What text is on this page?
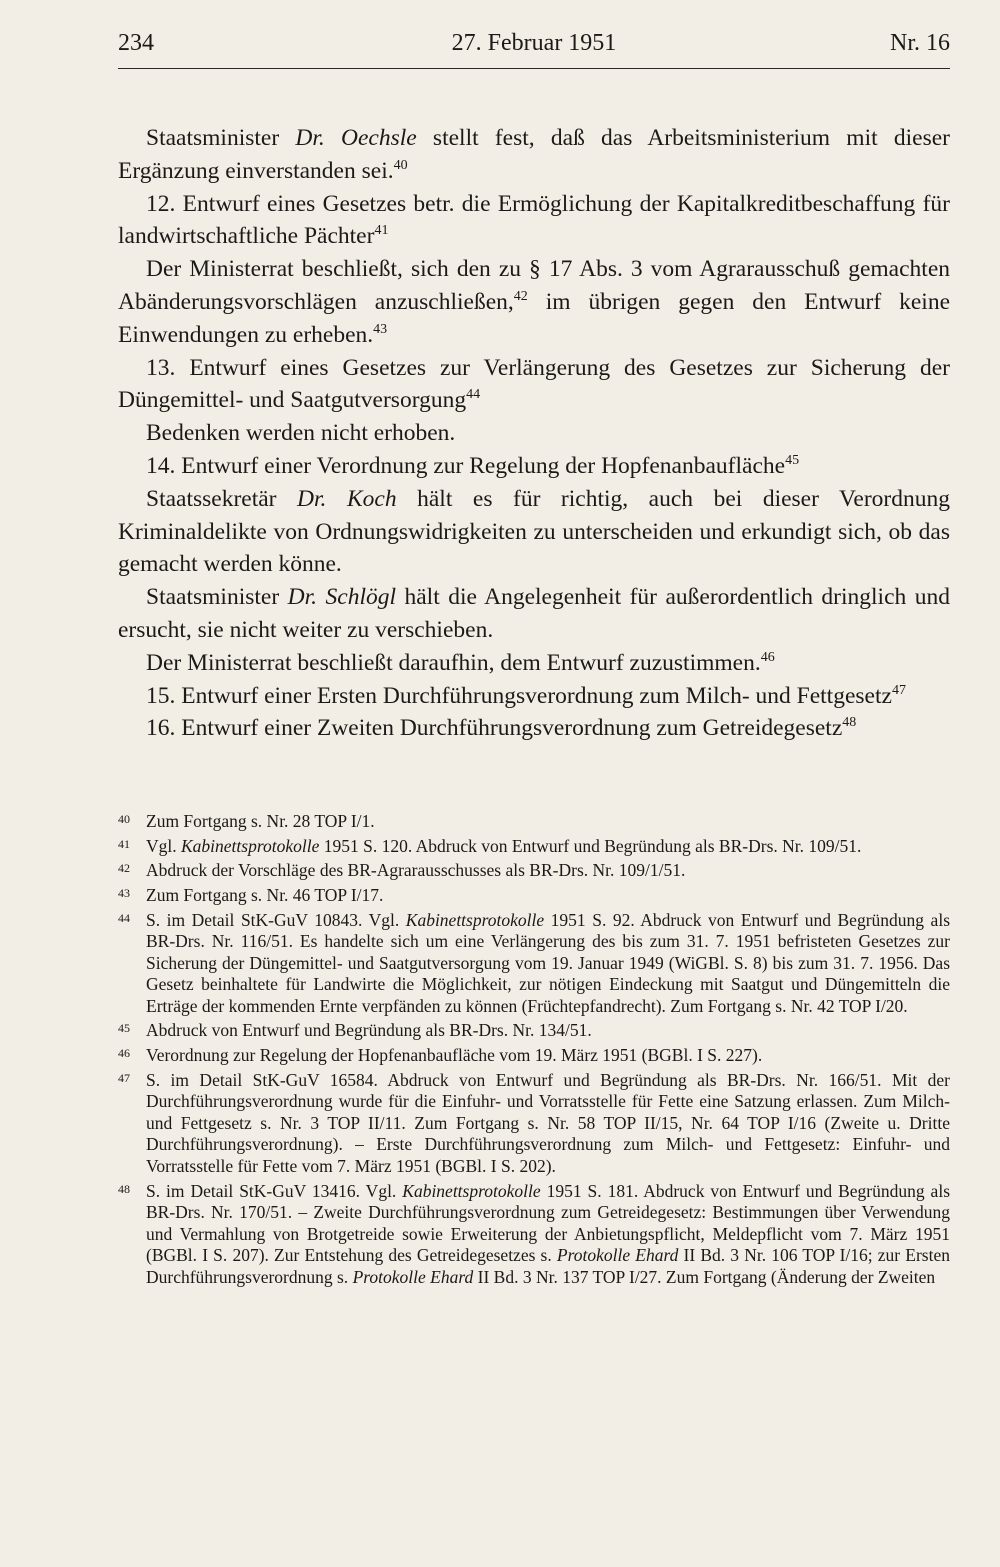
234	27. Februar 1951	Nr. 16

Staatsminister Dr. Oechsle stellt fest, daß das Arbeitsministerium mit dieser Ergänzung einverstanden sei.$^{40}$

12. Entwurf eines Gesetzes betr. die Ermöglichung der Kapitalkreditbeschaffung für landwirtschaftliche Pächter$^{41}$

Der Ministerrat beschließt, sich den zu § 17 Abs. 3 vom Agrarausschuß gemachten Abänderungsvorschlägen anzuschließen,$^{42}$ im übrigen gegen den Entwurf keine Einwendungen zu erheben.$^{43}$

13. Entwurf eines Gesetzes zur Verlängerung des Gesetzes zur Sicherung der Düngemittel- und Saatgutversorgung$^{44}$

Bedenken werden nicht erhoben.

14. Entwurf einer Verordnung zur Regelung der Hopfenanbaufläche$^{45}$

Staatssekretär Dr. Koch hält es für richtig, auch bei dieser Verordnung Kriminaldelikte von Ordnungswidrigkeiten zu unterscheiden und erkundigt sich, ob das gemacht werden könne.

Staatsminister Dr. Schlögl hält die Angelegenheit für außerordentlich dringlich und ersucht, sie nicht weiter zu verschieben.

Der Ministerrat beschließt daraufhin, dem Entwurf zuzustimmen.$^{46}$

15. Entwurf einer Ersten Durchführungsverordnung zum Milch- und Fettgesetz$^{47}$

16. Entwurf einer Zweiten Durchführungsverordnung zum Getreidegesetz$^{48}$

40 Zum Fortgang s. Nr. 28 TOP I/1.
41 Vgl. Kabinettsprotokolle 1951 S. 120. Abdruck von Entwurf und Begründung als BR-Drs. Nr. 109/51.
42 Abdruck der Vorschläge des BR-Agrarausschusses als BR-Drs. Nr. 109/1/51.
43 Zum Fortgang s. Nr. 46 TOP I/17.
44 S. im Detail StK-GuV 10843. Vgl. Kabinettsprotokolle 1951 S. 92. Abdruck von Entwurf und Begründung als BR-Drs. Nr. 116/51. Es handelte sich um eine Verlängerung des bis zum 31. 7. 1951 befristeten Gesetzes zur Sicherung der Düngemittel- und Saatgutversorgung vom 19. Januar 1949 (WiGBl. S. 8) bis zum 31. 7. 1956. Das Gesetz beinhaltete für Landwirte die Möglichkeit, zur nötigen Eindeckung mit Saatgut und Düngemitteln die Erträge der kommenden Ernte verpfänden zu können (Früchtepfandrecht). Zum Fortgang s. Nr. 42 TOP I/20.
45 Abdruck von Entwurf und Begründung als BR-Drs. Nr. 134/51.
46 Verordnung zur Regelung der Hopfenanbaufläche vom 19. März 1951 (BGBl. I S. 227).
47 S. im Detail StK-GuV 16584. Abdruck von Entwurf und Begründung als BR-Drs. Nr. 166/51. Mit der Durchführungsverordnung wurde für die Einfuhr- und Vorratsstelle für Fette eine Satzung erlassen. Zum Milch- und Fettgesetz s. Nr. 3 TOP II/11. Zum Fortgang s. Nr. 58 TOP II/15, Nr. 64 TOP I/16 (Zweite u. Dritte Durchführungsverordnung). – Erste Durchführungsverordnung zum Milch- und Fettgesetz: Einfuhr- und Vorratsstelle für Fette vom 7. März 1951 (BGBl. I S. 202).
48 S. im Detail StK-GuV 13416. Vgl. Kabinettsprotokolle 1951 S. 181. Abdruck von Entwurf und Begründung als BR-Drs. Nr. 170/51. – Zweite Durchführungsverordnung zum Getreidegesetz: Bestimmungen über Verwendung und Vermahlung von Brotgetreide sowie Erweiterung der Anbietungspflicht, Meldepflicht vom 7. März 1951 (BGBl. I S. 207). Zur Entstehung des Getreidegesetzes s. Protokolle Ehard II Bd. 3 Nr. 106 TOP I/16; zur Ersten Durchführungsverordnung s. Protokolle Ehard II Bd. 3 Nr. 137 TOP I/27. Zum Fortgang (Änderung der Zweiten
